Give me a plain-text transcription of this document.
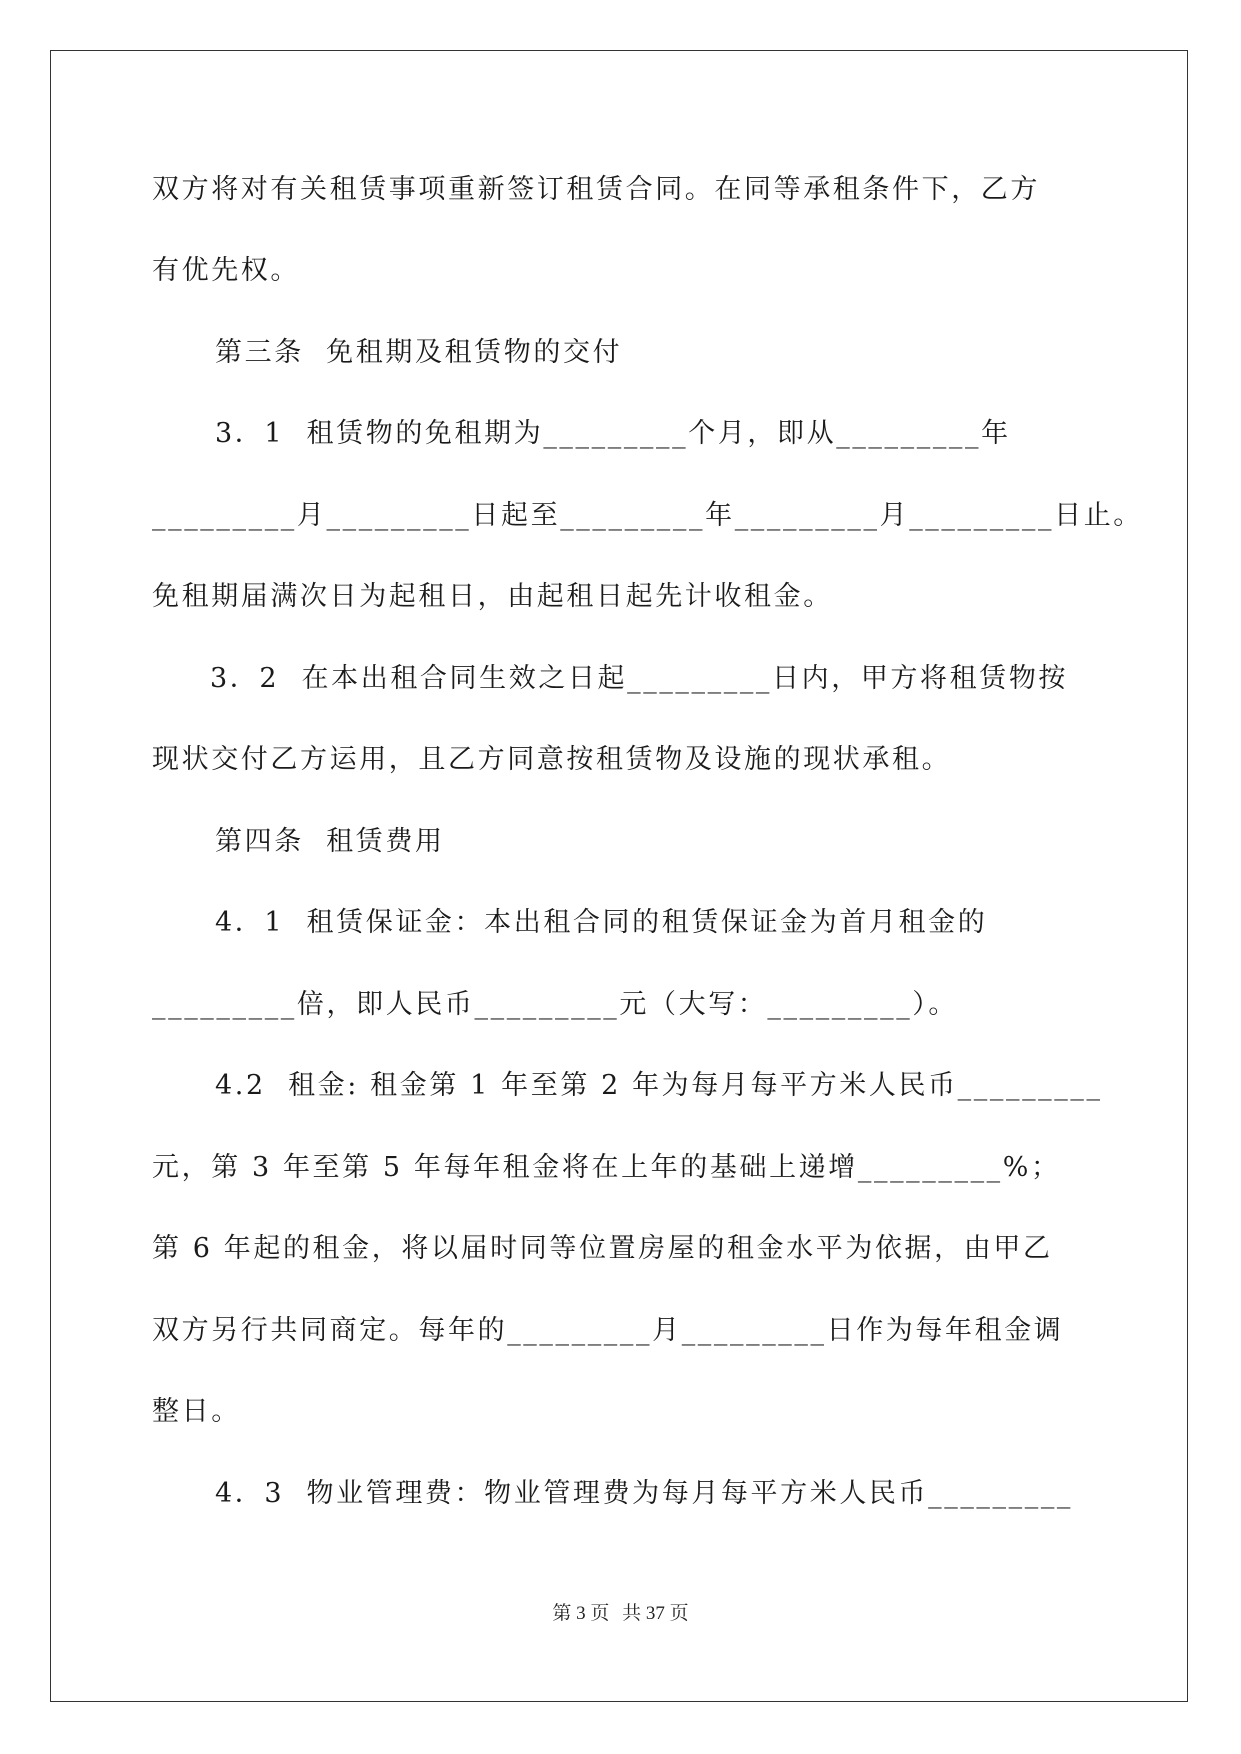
双方将对有关租赁事项重新签订租赁合同。在同等承租条件下，乙方

有优先权。

第三条  免租期及租赁物的交付

3．1  租赁物的免租期为_________个月，即从_________年

_________月_________日起至_________年_________月_________日止。

免租期届满次日为起租日，由起租日起先计收租金。

3．2  在本出租合同生效之日起_________日内，甲方将租赁物按

现状交付乙方运用，且乙方同意按租赁物及设施的现状承租。

第四条  租赁费用

4．1  租赁保证金：本出租合同的租赁保证金为首月租金的

_________倍，即人民币_________元（大写：_________）。

4.2  租金: 租金第 1 年至第 2 年为每月每平方米人民币_________

元，第 3 年至第 5 年每年租金将在上年的基础上递增_________%；

第 6 年起的租金，将以届时同等位置房屋的租金水平为依据，由甲乙

双方另行共同商定。每年的_________月_________日作为每年租金调

整日。

4．3  物业管理费：物业管理费为每月每平方米人民币_________

第 3 页 共 37 页
